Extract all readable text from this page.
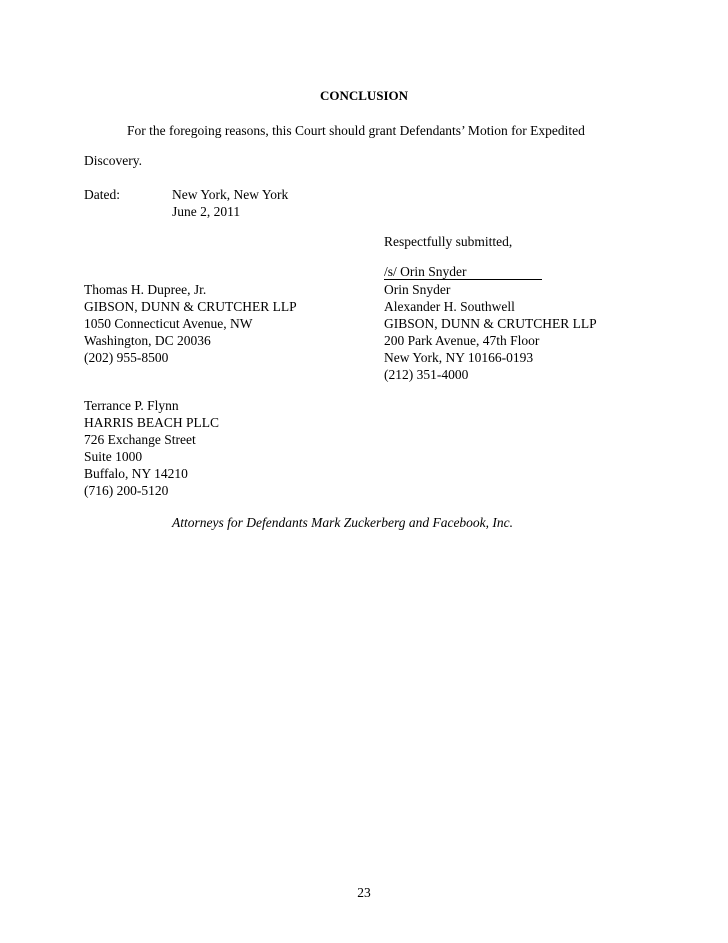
CONCLUSION
For the foregoing reasons, this Court should grant Defendants’ Motion for Expedited
Discovery.
Dated:	New York, New York
June 2, 2011
Respectfully submitted,
/s/ Orin Snyder
Thomas H. Dupree, Jr.
GIBSON, DUNN & CRUTCHER LLP
1050 Connecticut Avenue, NW
Washington, DC 20036
(202) 955-8500
Orin Snyder
Alexander H. Southwell
GIBSON, DUNN & CRUTCHER LLP
200 Park Avenue, 47th Floor
New York, NY 10166-0193
(212) 351-4000
Terrance P. Flynn
HARRIS BEACH PLLC
726 Exchange Street
Suite 1000
Buffalo, NY 14210
(716) 200-5120
Attorneys for Defendants Mark Zuckerberg and Facebook, Inc.
23
